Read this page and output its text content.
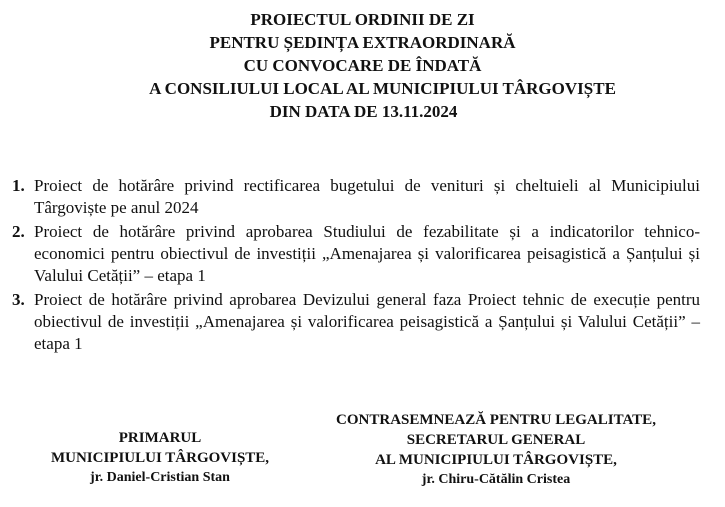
PROIECTUL ORDINII DE ZI
PENTRU ȘEDINȚA EXTRAORDINARĂ
CU CONVOCARE DE ÎNDATĂ
A CONSILIULUI LOCAL AL MUNICIPIULUI TÂRGOVIȘTE
DIN DATA DE 13.11.2024
1. Proiect de hotărâre privind rectificarea bugetului de venituri și cheltuieli al Municipiului Târgoviște pe anul 2024
2. Proiect de hotărâre privind aprobarea Studiului de fezabilitate și a indicatorilor tehnico-economici pentru obiectivul de investiții „Amenajarea și valorificarea peisagistică a Șanțului și Valului Cetății” – etapa 1
3. Proiect de hotărâre privind aprobarea Devizului general faza Proiect tehnic de execuție pentru obiectivul de investiții „Amenajarea și valorificarea peisagistică a Șanțului și Valului Cetății” – etapa 1
PRIMARUL
MUNICIPIULUI TÂRGOVIȘTE,
jr. Daniel-Cristian Stan
CONTRASEMNEAZĂ PENTRU LEGALITATE,
SECRETARUL GENERAL
AL MUNICIPIULUI TÂRGOVIȘTE,
jr. Chiru-Cătălin Cristea
